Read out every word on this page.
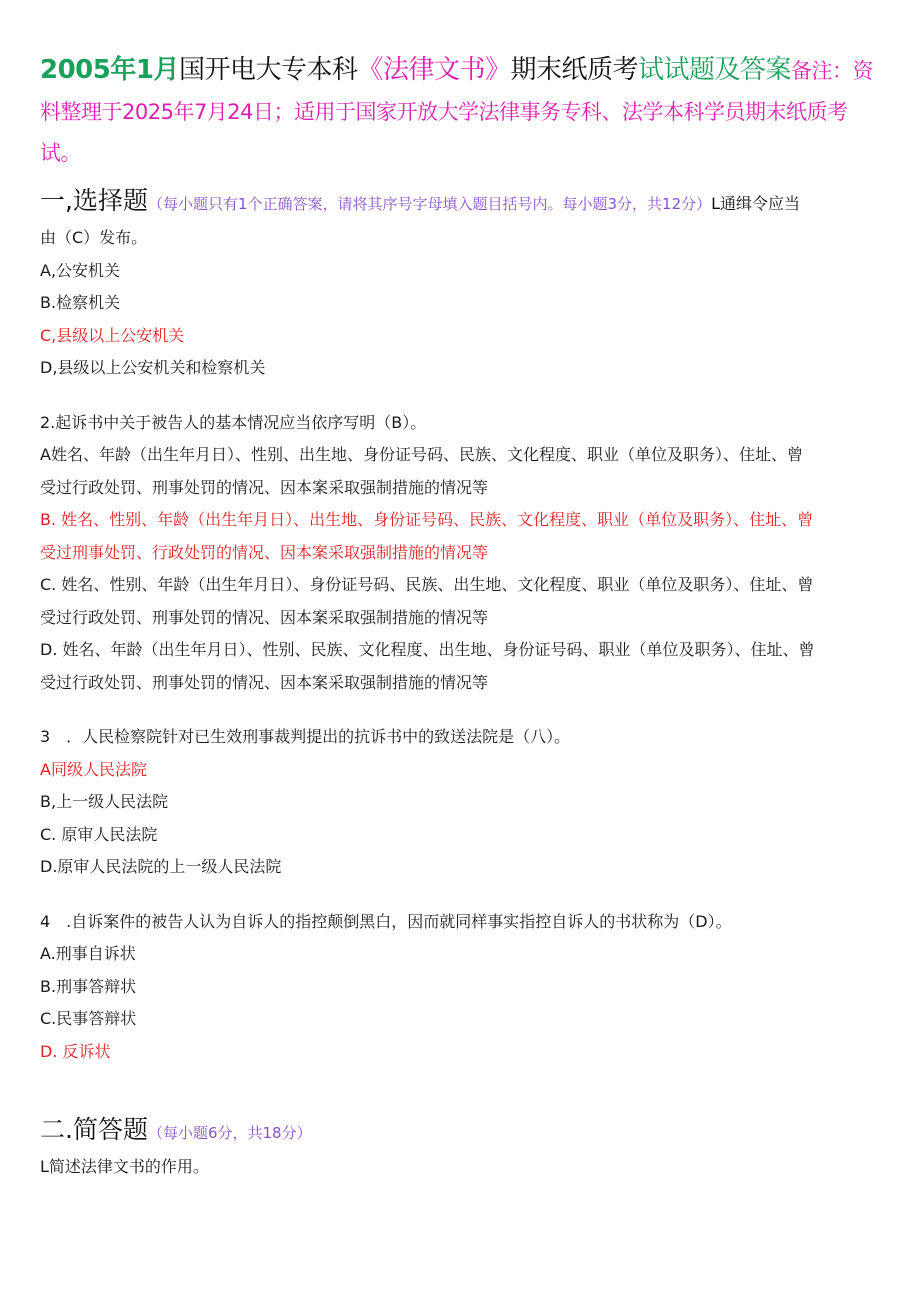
2005年1月国开电大专本科《法律文书》期末纸质考试试题及答案备注：资料整理于2025年7月24日；适用于国家开放大学法律事务专科、法学本科学员期末纸质考试。

一,选择题（每小题只有1个正确答案，请将其序号字母填入题目括号内。每小题3分，共12分）L通缉令应当
由（C）发布。
A,公安机关
B.检察机关
C,县级以上公安机关
D,县级以上公安机关和检察机关
2.起诉书中关于被告人的基本情况应当依序写明（B）。
A姓名、年龄（出生年月日）、性别、出生地、身份证号码、民族、文化程度、职业（单位及职务）、住址、曾
受过行政处罚、刑事处罚的情况、因本案采取强制措施的情况等
B. 姓名、性别、年龄（出生年月日）、出生地、身份证号码、民族、文化程度、职业（单位及职务）、住址、曾
受过刑事处罚、行政处罚的情况、因本案采取强制措施的情况等
C. 姓名、性别、年龄（出生年月日）、身份证号码、民族、出生地、文化程度、职业（单位及职务）、住址、曾
受过行政处罚、刑事处罚的情况、因本案采取强制措施的情况等
D. 姓名、年龄（出生年月日）、性别、民族、文化程度、出生地、身份证号码、职业（单位及职务）、住址、曾
受过行政处罚、刑事处罚的情况、因本案采取强制措施的情况等
3　．人民检察院针对已生效刑事裁判提出的抗诉书中的致送法院是（八）。
A同级人民法院
B,上一级人民法院
C. 原审人民法院
D.原审人民法院的上一级人民法院
4　.自诉案件的被告人认为自诉人的指控颠倒黑白，因而就同样事实指控自诉人的书状称为（D）。
A.刑事自诉状
B.刑事答辩状
C.民事答辩状
D. 反诉状
二.简答题（每小题6分，共18分）
L简述法律文书的作用。
